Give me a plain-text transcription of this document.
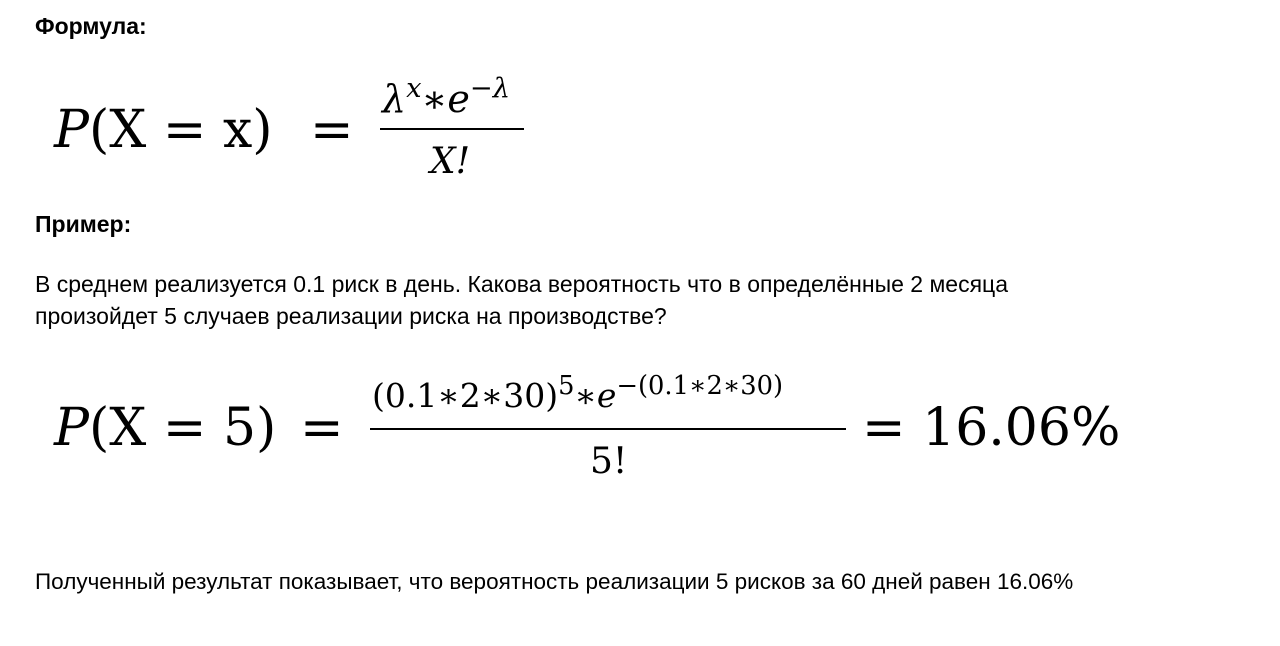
Формула:
P(X = x) =
$\lambda^x∗e^{-\lambda}$
X!
Пример:
В среднем реализуется 0.1 риск в день. Какова вероятность что в определённые 2 месяца
произойдет 5 случаев реализации риска на производстве?
P(X = 5) =
$(0.1∗2∗30)^5∗e^{-(0.1∗2∗30)}$
5!
= 16.06%
Полученный результат показывает, что вероятность реализации 5 рисков за 60 дней равен 16.06%
